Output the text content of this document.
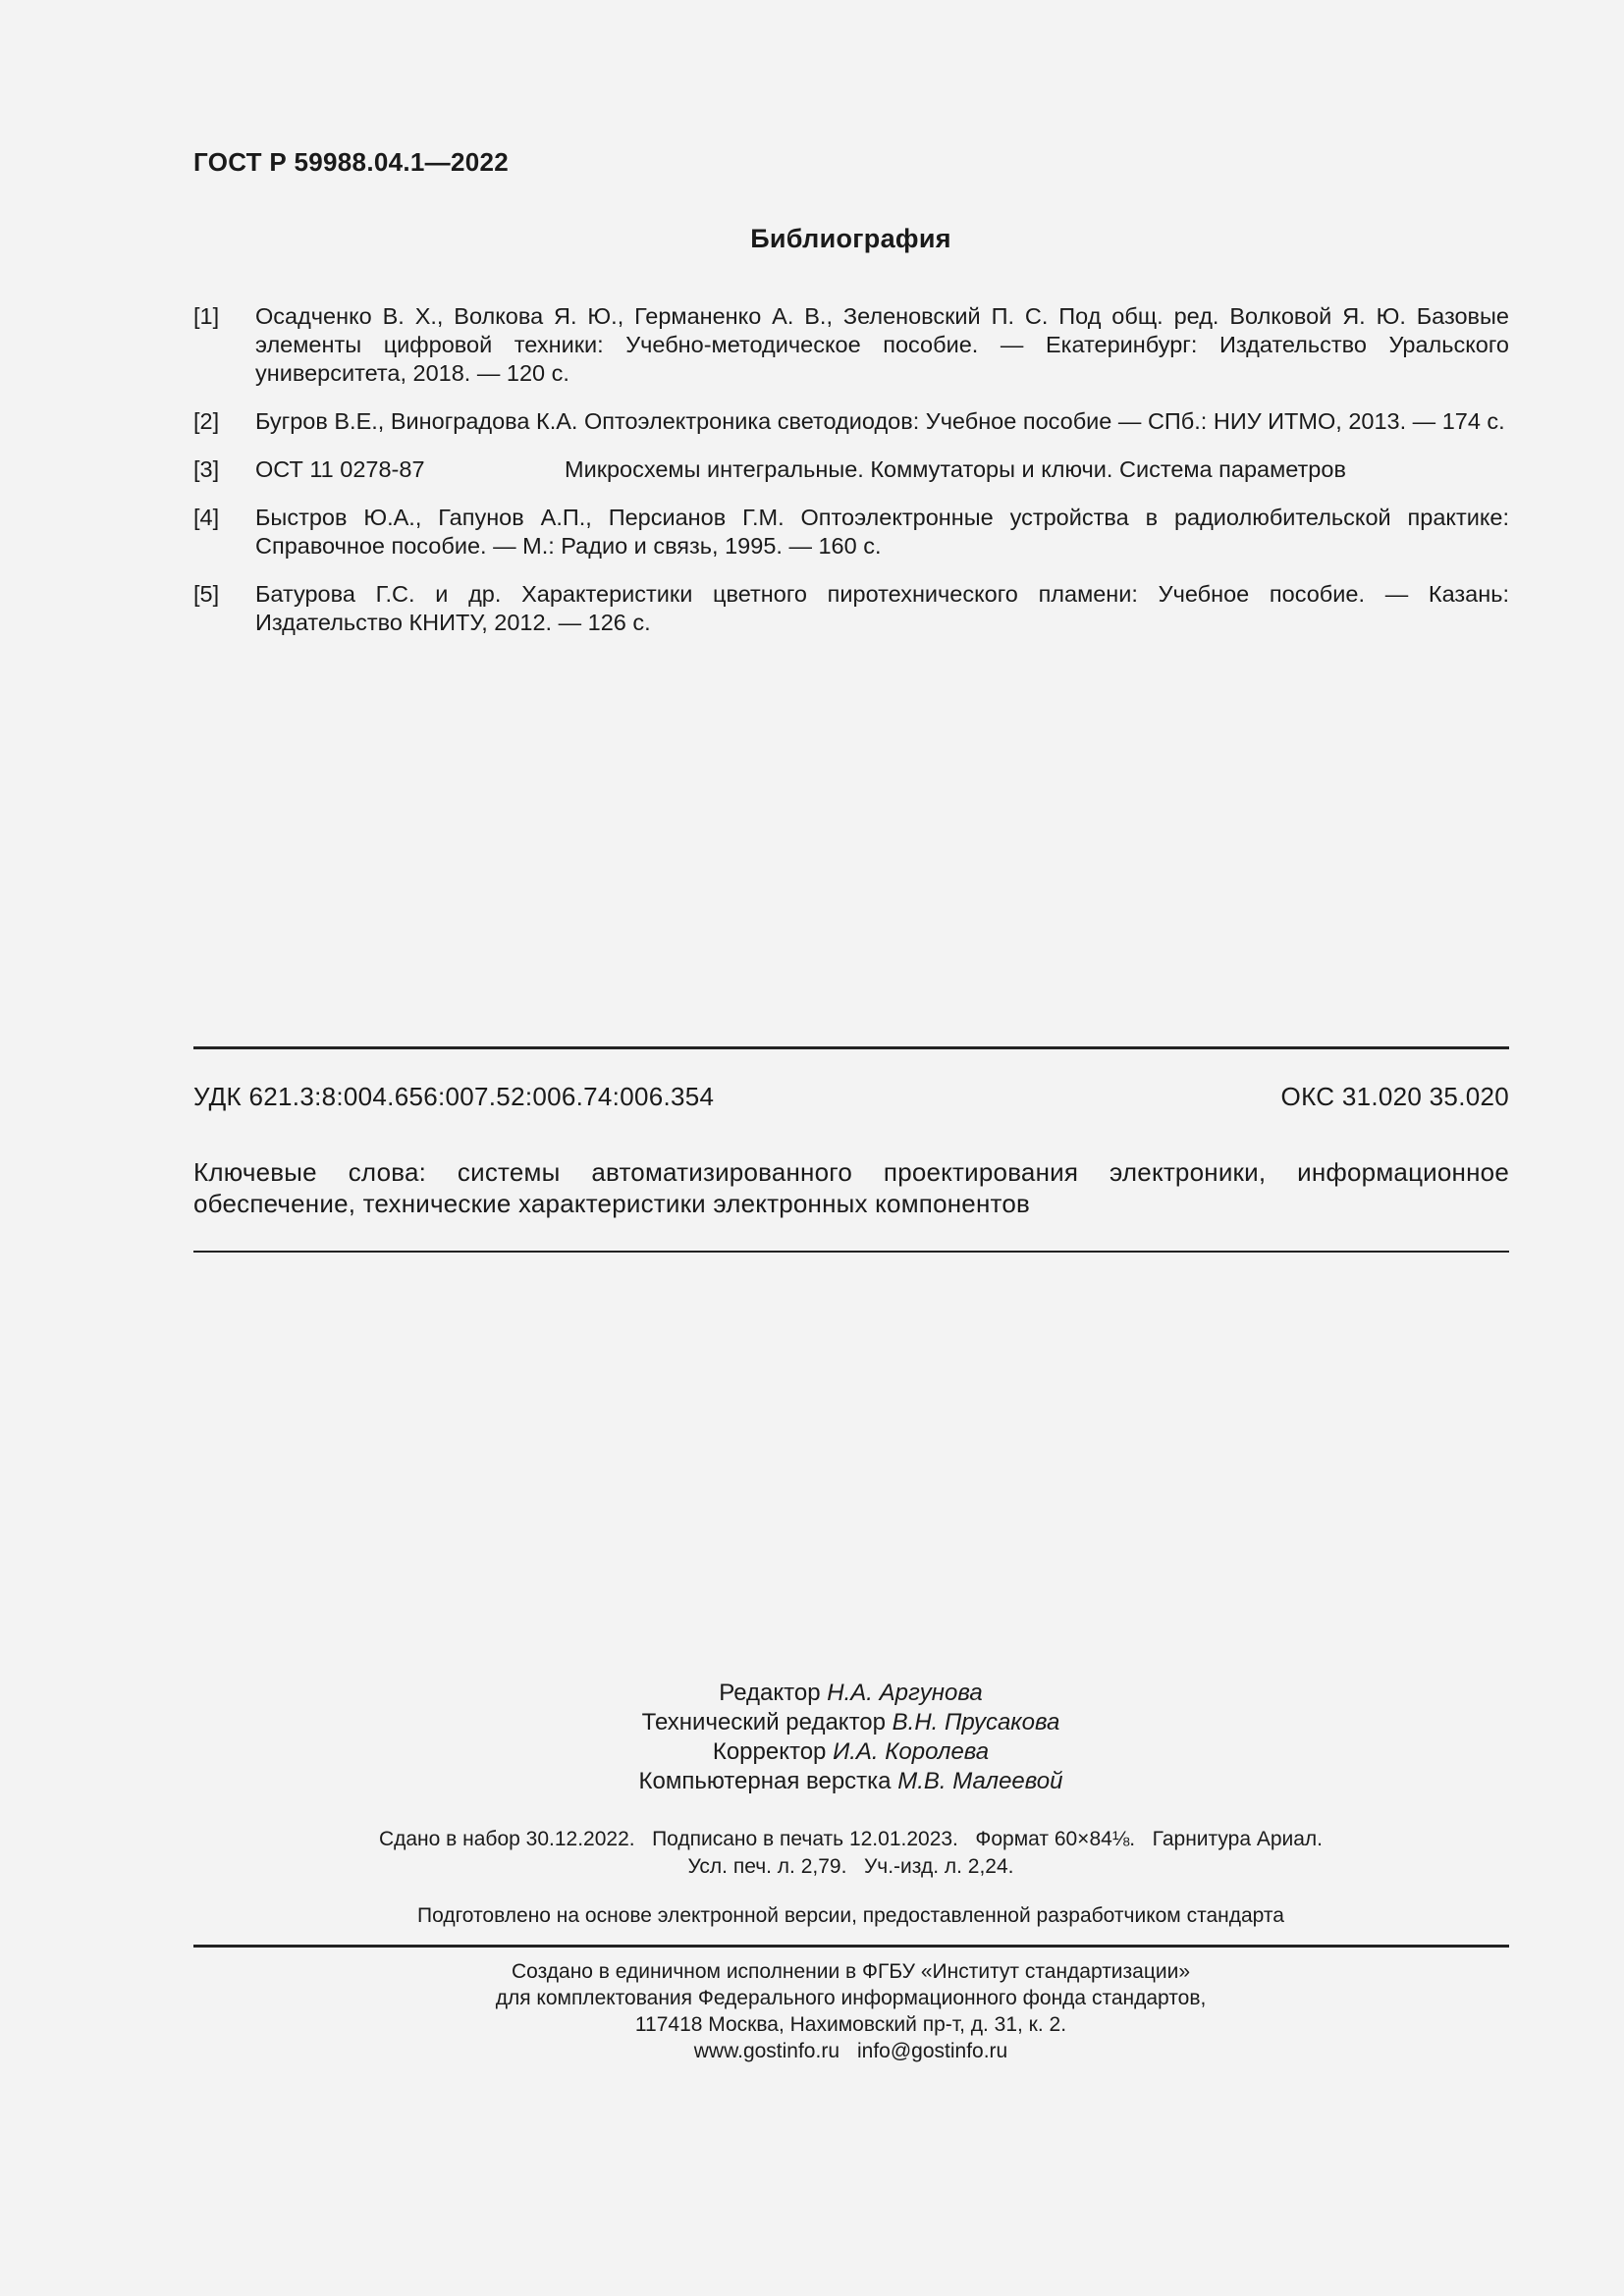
ГОСТ Р 59988.04.1—2022
Библиография
[1] Осадченко В. Х., Волкова Я. Ю., Германенко А. В., Зеленовский П. С. Под общ. ред. Волковой Я. Ю. Базовые элементы цифровой техники: Учебно-методическое пособие. — Екатеринбург: Издательство Уральского университета, 2018. — 120 с.
[2] Бугров В.Е., Виноградова К.А. Оптоэлектроника светодиодов: Учебное пособие — СПб.: НИУ ИТМО, 2013. — 174 с.
[3] ОСТ 11 0278-87	Микросхемы интегральные. Коммутаторы и ключи. Система параметров
[4] Быстров Ю.А., Гапунов А.П., Персианов Г.М. Оптоэлектронные устройства в радиолюбительской практике: Справочное пособие. — М.: Радио и связь, 1995. — 160 с.
[5] Батурова Г.С. и др. Характеристики цветного пиротехнического пламени: Учебное пособие. — Казань: Издательство КНИТУ, 2012. — 126 с.
УДК 621.3:8:004.656:007.52:006.74:006.354	ОКС 31.020 35.020
Ключевые слова: системы автоматизированного проектирования электроники, информационное обеспечение, технические характеристики электронных компонентов
Редактор Н.А. Аргунова
Технический редактор В.Н. Прусакова
Корректор И.А. Королева
Компьютерная верстка М.В. Малеевой
Сдано в набор 30.12.2022.   Подписано в печать 12.01.2023.   Формат 60×84⅛.   Гарнитура Ариал.
Усл. печ. л. 2,79.   Уч.-изд. л. 2,24.
Подготовлено на основе электронной версии, предоставленной разработчиком стандарта
Создано в единичном исполнении в ФГБУ «Институт стандартизации»
для комплектования Федерального информационного фонда стандартов,
117418 Москва, Нахимовский пр-т, д. 31, к. 2.
www.gostinfo.ru info@gostinfo.ru
